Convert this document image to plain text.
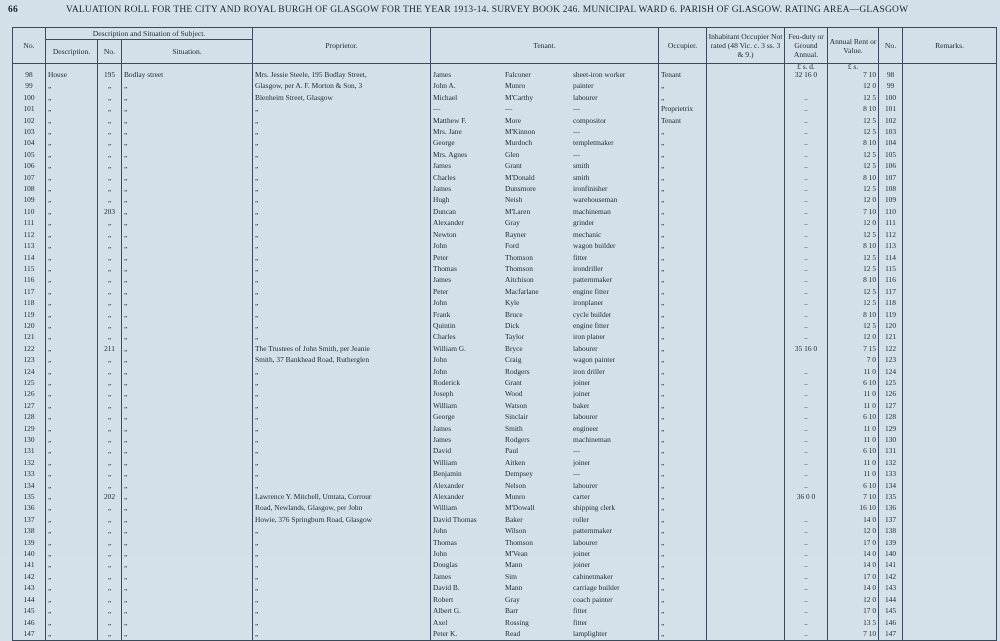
66	VALUATION ROLL FOR THE CITY AND ROYAL BURGH OF GLASGOW FOR THE YEAR 1913-14. SURVEY BOOK 246. MUNICIPAL WARD 6. PARISH OF GLASGOW. RATING AREA—GLASGOW
No.	Description and Situation of Subject.			Proprietor.	Tenant.	Occupier.	Inhabitant Occupier Not rated (48 Vic. c. 3 ss. 3 & 9.)	Feu-duty or Ground Annual.	Annual Rent or Value.	No.	Remarks.
	Description.	No.	Situation.								
								£ s. d.	£ s.		
98	House	195	Bodlay street	Mrs. Jessie Steele, 195 Bodlay Street,	James Falconer sheet-iron worker	Tenant		32 16 0	7 10	98	
99	„	„	„	Glasgow, per A. F. Morton & Son, 3	John A. Munro painter	„			12 0	99	
100	„	„	„	Blenheim Street, Glasgow	Michael M'Carthy labourer	„		..	12 5	100	
101	„	„	„	„	— — —	Proprietrix		..	8 10	101	
102	„	„	„	„	Matthew F. More compositor	Tenant		..	12 5	102	
103	„	„	„	„	Mrs. Jane M'Kinnon —	„		..	12 5	103	
104	„	„	„	„	George Murdoch templetmaker	„		..	8 10	104	
105	„	„	„	„	Mrs. Agnes Glen —	„		..	12 5	105	
106	„	„	„	„	James Grant smith	„		..	12 5	106	
107	„	„	„	„	Charles M'Donald smith	„		..	8 10	107	
108	„	„	„	„	James Dunsmore ironfinisher	„		..	12 5	108	
109	„	„	„	„	Hugh Neish warehouseman	„		..	12 0	109	
110	„	203	„	„	Duncan M'Laren machineman	„		..	7 10	110	
111	„	„	„	„	Alexander Gray grinder	„		..	12 0	111	
112	„	„	„	„	Newton Rayner mechanic	„		..	12 5	112	
113	„	„	„	„	John Ford wagon builder	„		..	8 10	113	
114	„	„	„	„	Peter Thomson fitter	„		..	12 5	114	
115	„	„	„	„	Thomas Thomson irondriller	„		..	12 5	115	
116	„	„	„	„	James Aitchison patternmaker	„		..	8 10	116	
117	„	„	„	„	Peter Macfarlane engine fitter	„		..	12 5	117	
118	„	„	„	„	John Kyle ironplaner	„		..	12 5	118	
119	„	„	„	„	Frank Bruce cycle builder	„		..	8 10	119	
120	„	„	„	„	Quintin Dick engine fitter	„		..	12 5	120	
121	„	„	„	„	Charles Taylor iron planer	„		..	12 0	121	
122	„	211	„	The Trustees of John Smith, per Jeanie	William G. Bryce labourer	„		35 16 0	7 15	122	
123	„	„	„	Smith, 37 Bankhead Road, Rutherglen	John Craig wagon painter	„			7 0	123	
124	„	„	„	„	John Rodgers iron driller	„		..	11 0	124	
125	„	„	„	„	Roderick Grant joiner	„		..	6 10	125	
126	„	„	„	„	Joseph Wood joiner	„		..	11 0	126	
127	„	„	„	„	William Watson baker	„		..	11 0	127	
128	„	„	„	„	George Sinclair labourer	„		..	6 10	128	
129	„	„	„	„	James Smith engineer	„		..	11 0	129	
130	„	„	„	„	James Rodgers machineman	„		..	11 0	130	
131	„	„	„	„	David Paul —	„		..	6 10	131	
132	„	„	„	„	William Aitken joiner	„		..	11 0	132	
133	„	„	„	„	Benjamin Dempsey —	„		..	11 0	133	
134	„	„	„	„	Alexander Nelson labourer	„		..	6 10	134	
135	„	202	„	Lawrence Y. Mitchell, Umtata, Corrour	Alexander Munro carter	„		36 0 0	7 10	135	
136	„	„	„	Road, Newlands, Glasgow, per John	William M'Dowall shipping clerk	„			16 10	136	
137	„	„	„	Howie, 376 Springburn Road, Glasgow	David Thomas Baker roller	„		..	14 0	137	
138	„	„	„	„	John Wilson patternmaker	„		..	12 0	138	
139	„	„	„	„	Thomas Thomson labourer	„		..	17 0	139	
140	„	„	„	„	John M'Vean joiner	„		..	14 0	140	
141	„	„	„	„	Douglas Mann joiner	„		..	14 0	141	
142	„	„	„	„	James Sim cabinetmaker	„		..	17 0	142	
143	„	„	„	„	David B. Mann carriage builder	„		..	14 0	143	
144	„	„	„	„	Robert Gray coach painter	„		..	12 0	144	
145	„	„	„	„	Albert G. Barr fitter	„		..	17 0	145	
146	„	„	„	„	Axel Rossing fitter	„		..	13 5	146	
147	„	„	„	„	Peter K. Read lamplighter	„		..	7 10	147	
